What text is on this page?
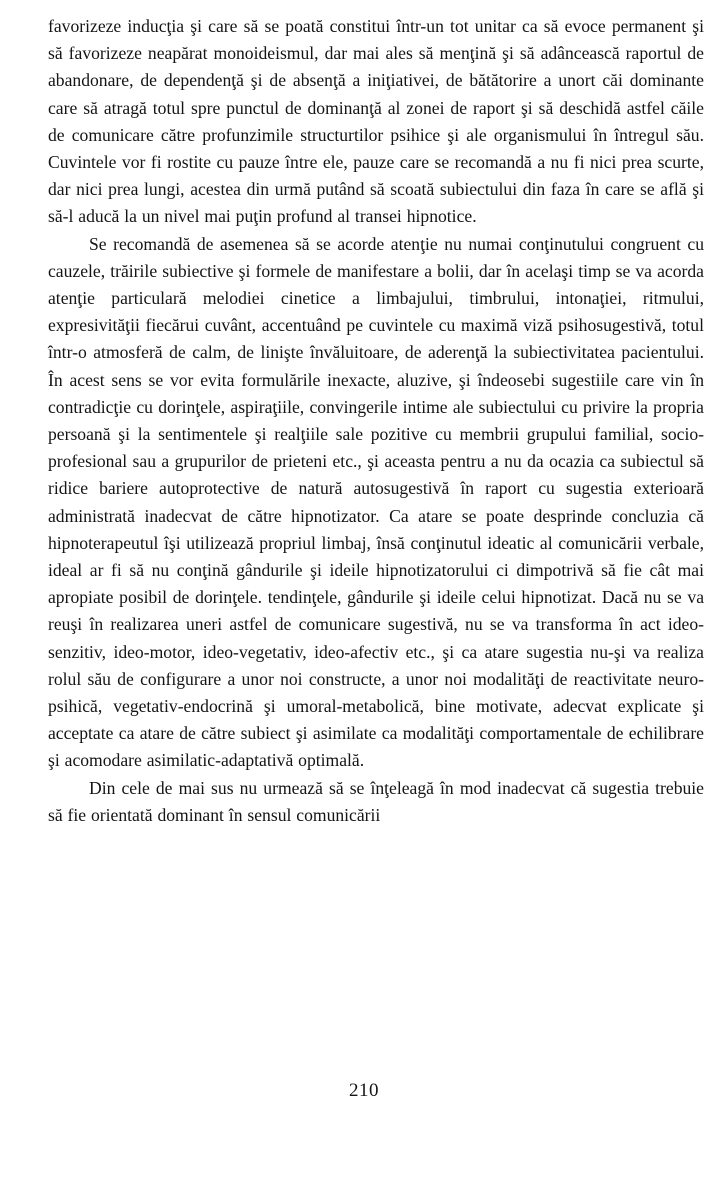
favorizeze inducţia şi care să se poată constitui într-un tot unitar ca să evoce permanent şi să favorizeze neapărat monoideismul, dar mai ales să menţină şi să adâncească raportul de abandonare, de dependenţă şi de absenţă a iniţiativei, de bătătorire a unort căi dominante care să atragă totul spre punctul de dominanţă al zonei de raport şi să deschidă astfel căile de comunicare către profunzimile structurtilor psihice şi ale organismului în întregul său. Cuvintele vor fi rostite cu pauze între ele, pauze care se recomandă a nu fi nici prea scurte, dar nici prea lungi, acestea din urmă putând să scoată subiectului din faza în care se află şi să-l aducă la un nivel mai puţin profund al transei hipnotice.

Se recomandă de asemenea să se acorde atenţie nu numai conţinutului congruent cu cauzele, trăirile subiective şi formele de manifestare a bolii, dar în acelaşi timp se va acorda atenţie particulară melodiei cinetice a limbajului, timbrului, intonaţiei, ritmului, expresivităţii fiecărui cuvânt, accentuând pe cuvintele cu maximă viză psihosugestivă, totul într-o atmosferă de calm, de linişte învăluitoare, de aderenţă la subiectivitatea pacientului. În acest sens se vor evita formulările inexacte, aluzive, şi îndeosebi sugestiile care vin în contradicţie cu dorinţele, aspiraţiile, convingerile intime ale subiectului cu privire la propria persoană şi la sentimentele şi realţiile sale pozitive cu membrii grupului familial, socio-profesional sau a grupurilor de prieteni etc., şi aceasta pentru a nu da ocazia ca subiectul să ridice bariere autoprotective de natură autosugestivă în raport cu sugestia exterioară administrată inadecvat de către hipnotizator. Ca atare se poate desprinde concluzia că hipnoterapeutul îşi utilizează propriul limbaj, însă conţinutul ideatic al comunicării verbale, ideal ar fi să nu conţină gândurile şi ideile hipnotizatorului ci dimpotrivă să fie cât mai apropiate posibil de dorinţele. tendinţele, gândurile şi ideile celui hipnotizat. Dacă nu se va reuşi în realizarea uneri astfel de comunicare sugestivă, nu se va transforma în act ideo-senzitiv, ideo-motor, ideo-vegetativ, ideo-afectiv etc., şi ca atare sugestia nu-şi va realiza rolul său de configurare a unor noi constructe, a unor noi modalităţi de reactivitate neuro-psihică, vegetativ-endocrină şi umoral-metabolică, bine motivate, adecvat explicate şi acceptate ca atare de către subiect şi asimilate ca modalităţi comportamentale de echilibrare şi acomodare asimilatic-adaptativă optimală.

Din cele de mai sus nu urmează să se înţeleagă în mod inadecvat că sugestia trebuie să fie orientată dominant în sensul comunicării

210
